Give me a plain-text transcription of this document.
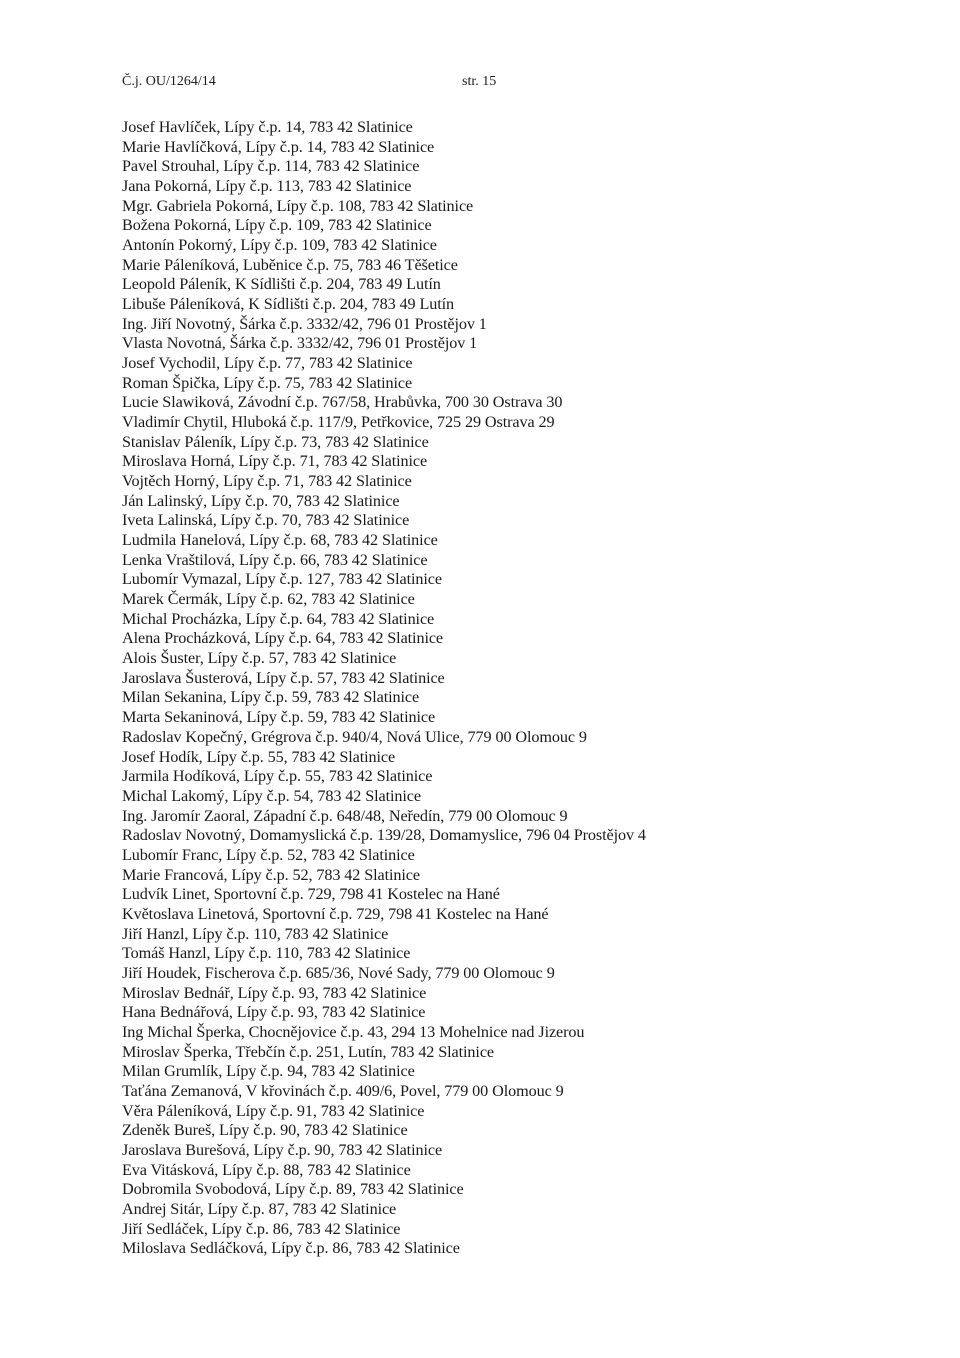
Č.j. OU/1264/14	str. 15
Josef Havlíček, Lípy č.p. 14, 783 42 Slatinice
Marie Havlíčková, Lípy č.p. 14, 783 42 Slatinice
Pavel Strouhal, Lípy č.p. 114, 783 42 Slatinice
Jana Pokorná, Lípy č.p. 113, 783 42 Slatinice
Mgr. Gabriela Pokorná, Lípy č.p. 108, 783 42 Slatinice
Božena Pokorná, Lípy č.p. 109, 783 42 Slatinice
Antonín Pokorný, Lípy č.p. 109, 783 42 Slatinice
Marie Páleníková, Luběnice č.p. 75, 783 46 Těšetice
Leopold Páleník, K Sídlišti č.p. 204, 783 49 Lutín
Libuše Páleníková, K Sídlišti č.p. 204, 783 49 Lutín
Ing. Jiří Novotný, Šárka č.p. 3332/42, 796 01 Prostějov 1
Vlasta Novotná, Šárka č.p. 3332/42, 796 01 Prostějov 1
Josef Vychodil, Lípy č.p. 77, 783 42 Slatinice
Roman Špička, Lípy č.p. 75, 783 42 Slatinice
Lucie Slawiková, Závodní č.p. 767/58, Hrabůvka, 700 30 Ostrava 30
Vladimír Chytil, Hluboká č.p. 117/9, Petřkovice, 725 29 Ostrava 29
Stanislav Páleník, Lípy č.p. 73, 783 42 Slatinice
Miroslava Horná, Lípy č.p. 71, 783 42 Slatinice
Vojtěch Horný, Lípy č.p. 71, 783 42 Slatinice
Ján Lalinský, Lípy č.p. 70, 783 42 Slatinice
Iveta Lalinská, Lípy č.p. 70, 783 42 Slatinice
Ludmila Hanelová, Lípy č.p. 68, 783 42 Slatinice
Lenka Vraštilová, Lípy č.p. 66, 783 42 Slatinice
Lubomír Vymazal, Lípy č.p. 127, 783 42 Slatinice
Marek Čermák, Lípy č.p. 62, 783 42 Slatinice
Michal Procházka, Lípy č.p. 64, 783 42 Slatinice
Alena Procházková, Lípy č.p. 64, 783 42 Slatinice
Alois Šuster, Lípy č.p. 57, 783 42 Slatinice
Jaroslava Šusterová, Lípy č.p. 57, 783 42 Slatinice
Milan Sekanina, Lípy č.p. 59, 783 42 Slatinice
Marta Sekaninová, Lípy č.p. 59, 783 42 Slatinice
Radoslav Kopečný, Grégrova č.p. 940/4, Nová Ulice, 779 00 Olomouc 9
Josef Hodík, Lípy č.p. 55, 783 42 Slatinice
Jarmila Hodíková, Lípy č.p. 55, 783 42 Slatinice
Michal Lakomý, Lípy č.p. 54, 783 42 Slatinice
Ing. Jaromír Zaoral, Západní č.p. 648/48, Neředín, 779 00 Olomouc 9
Radoslav Novotný, Domamyslická č.p. 139/28, Domamyslice, 796 04 Prostějov 4
Lubomír Franc, Lípy č.p. 52, 783 42 Slatinice
Marie Francová, Lípy č.p. 52, 783 42 Slatinice
Ludvík Linet, Sportovní č.p. 729, 798 41 Kostelec na Hané
Květoslava Linetová, Sportovní č.p. 729, 798 41 Kostelec na Hané
Jiří Hanzl, Lípy č.p. 110, 783 42 Slatinice
Tomáš Hanzl, Lípy č.p. 110, 783 42 Slatinice
Jiří Houdek, Fischerova č.p. 685/36, Nové Sady, 779 00 Olomouc 9
Miroslav Bednář, Lípy č.p. 93, 783 42 Slatinice
Hana Bednářová, Lípy č.p. 93, 783 42 Slatinice
Ing Michal Šperka, Chocnějovice č.p. 43, 294 13 Mohelnice nad Jizerou
Miroslav Šperka, Třebčín č.p. 251, Lutín, 783 42 Slatinice
Milan Grumlík, Lípy č.p. 94, 783 42 Slatinice
Taťána Zemanová, V křovinách č.p. 409/6, Povel, 779 00 Olomouc 9
Věra Páleníková, Lípy č.p. 91, 783 42 Slatinice
Zdeněk Bureš, Lípy č.p. 90, 783 42 Slatinice
Jaroslava Burešová, Lípy č.p. 90, 783 42 Slatinice
Eva Vitásková, Lípy č.p. 88, 783 42 Slatinice
Dobromila Svobodová, Lípy č.p. 89, 783 42 Slatinice
Andrej Sitár, Lípy č.p. 87, 783 42 Slatinice
Jiří Sedláček, Lípy č.p. 86, 783 42 Slatinice
Miloslava Sedláčková, Lípy č.p. 86, 783 42 Slatinice
